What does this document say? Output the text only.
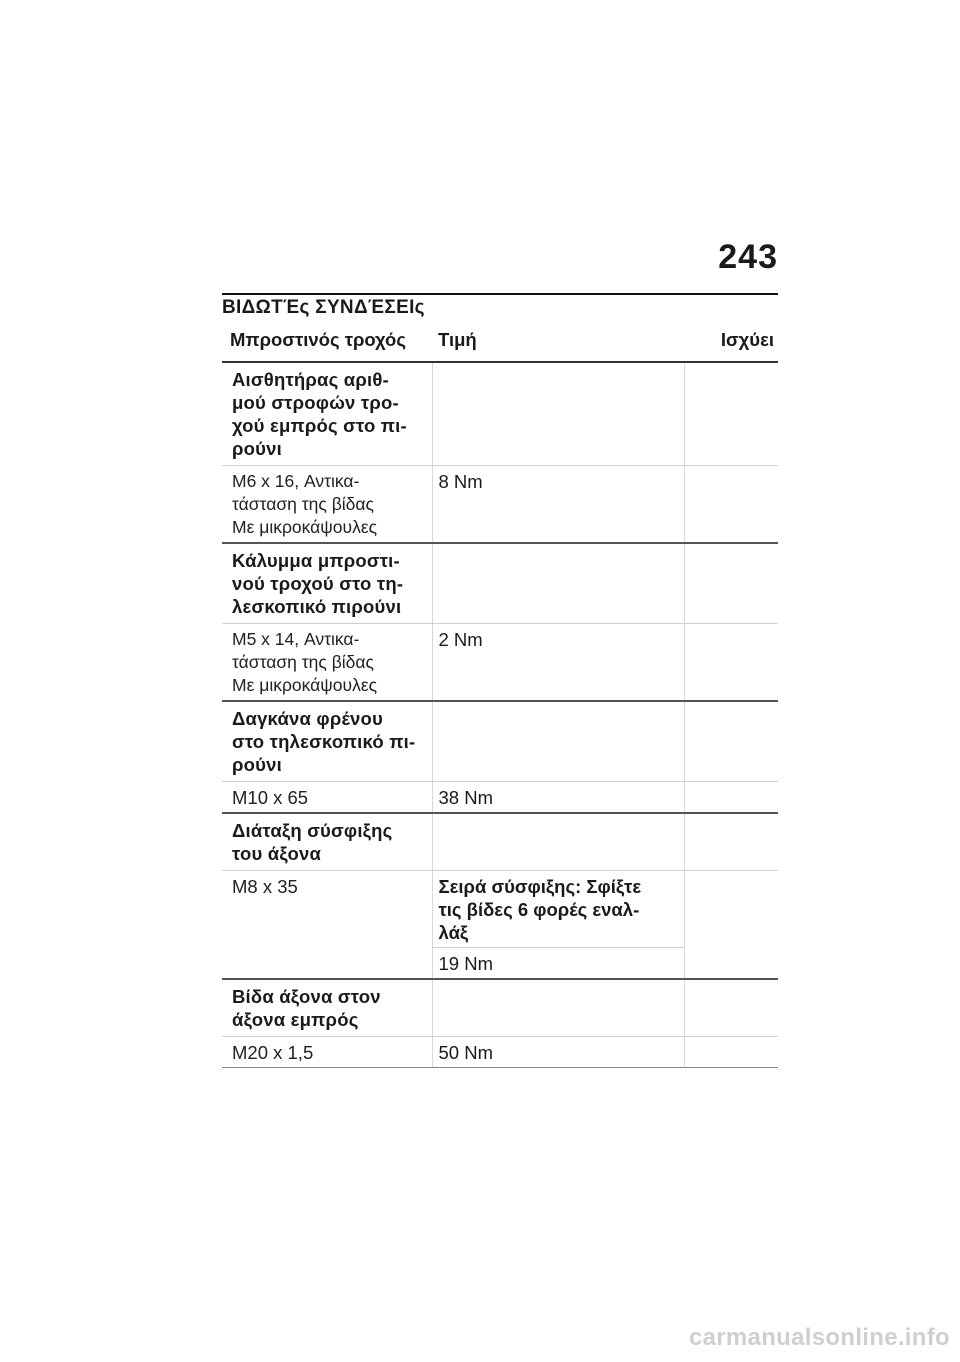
243
ΒΙΔΩΤΈς ΣΥΝΔΈΣΕΙς
Μπροστινός τροχός	Τιμή	Ισχύει

Αισθητήρας αριθ-
μού στροφών τρο-
χού εμπρός στο πι-
ρούνι		

M6 x 16, Αντικα-
τάσταση της βίδας
Με μικροκάψουλες	8 Nm	

Κάλυμμα μπροστι-
νού τροχού στο τη-
λεσκοπικό πιρούνι		

M5 x 14, Αντικα-
τάσταση της βίδας
Με μικροκάψουλες	2 Nm	

Δαγκάνα φρένου
στο τηλεσκοπικό πι-
ρούνι		

M10 x 65	38 Nm	

Διάταξη σύσφιξης
του άξονα		

M8 x 35	Σειρά σύσφιξης: Σφίξτε
τις βίδες 6 φορές εναλ-
λάξ	

	19 Nm	

Βίδα άξονα στον
άξονα εμπρός		

M20 x 1,5	50 Nm	
carmanualsonline.info
